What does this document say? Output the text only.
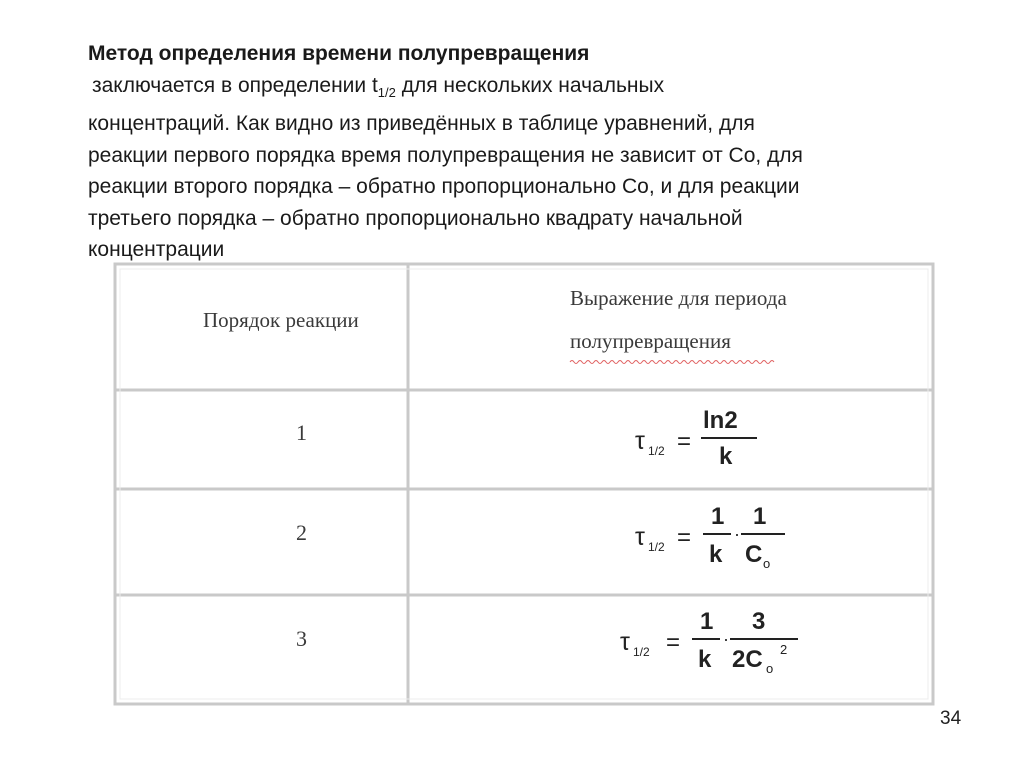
Метод определения времени полупревращения
заключается в определении $t_{1/2}$ для нескольких начальных
концентраций. Как видно из приведённых в таблице уравнений, для
реакции первого порядка время полупревращения не зависит от Со, для
реакции второго порядка – обратно пропорционально Со, и для реакции
третьего порядка – обратно пропорционально квадрату начальной
концентрации
Порядок реакции
Выражение для периода
полупревращения
1
2
3
τ 1/2 =
ln2
k
τ 1/2 =
1
k
·
1
C o
τ 1/2 =
1
k
·
3
2C o
2
34
